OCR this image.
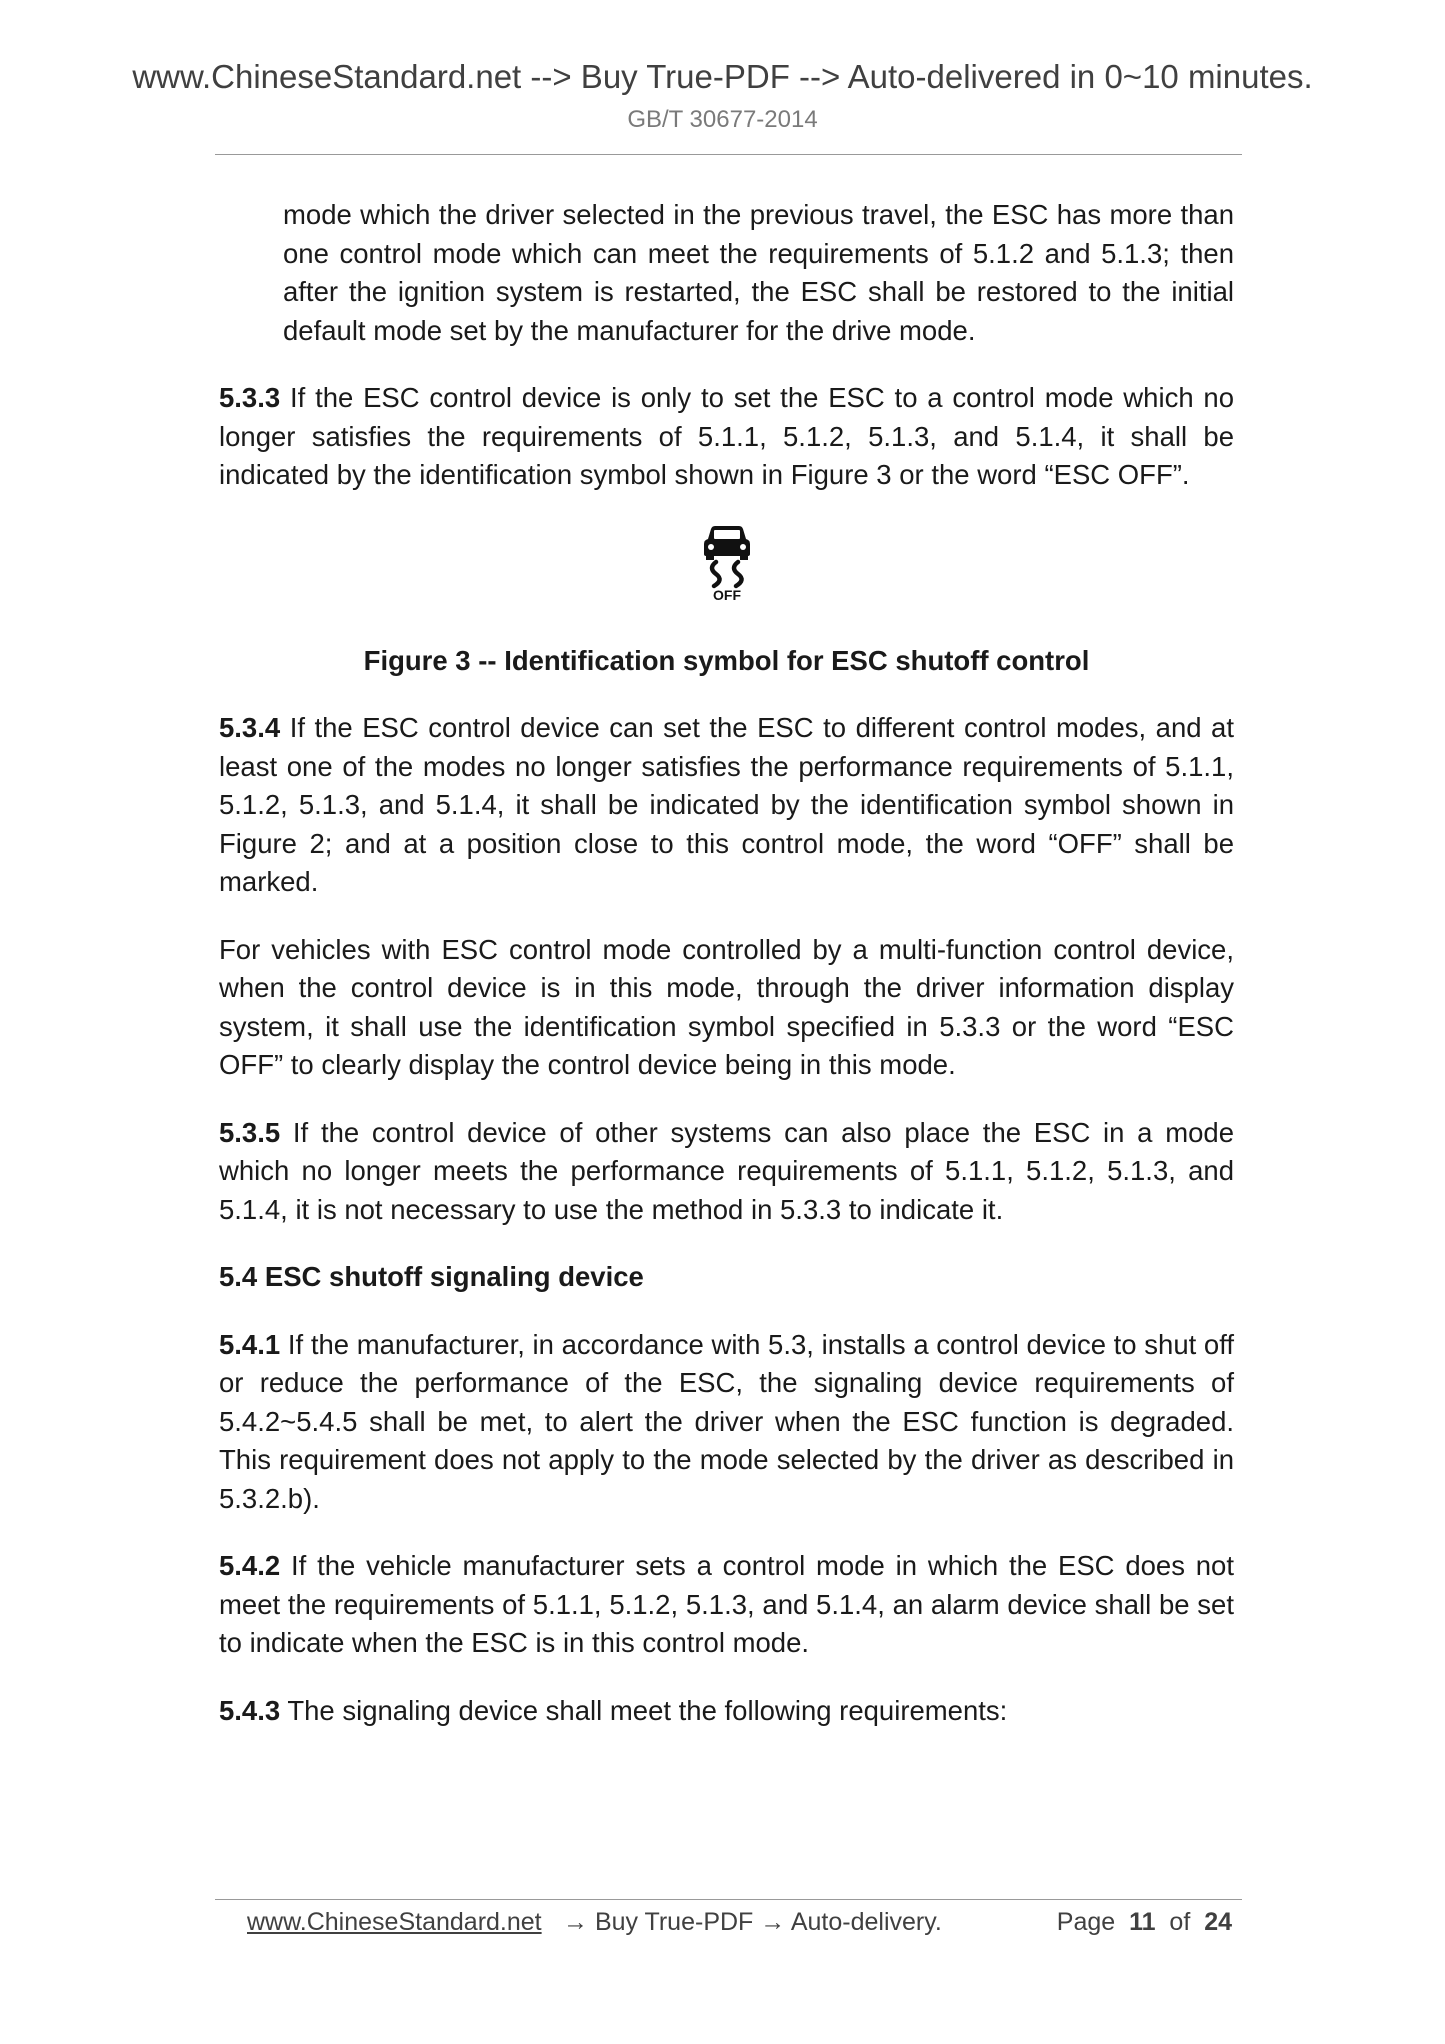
www.ChineseStandard.net --> Buy True-PDF --> Auto-delivered in 0~10 minutes.
GB/T 30677-2014

mode which the driver selected in the previous travel, the ESC has more than one control mode which can meet the requirements of 5.1.2 and 5.1.3; then after the ignition system is restarted, the ESC shall be restored to the initial default mode set by the manufacturer for the drive mode.

5.3.3 If the ESC control device is only to set the ESC to a control mode which no longer satisfies the requirements of 5.1.1, 5.1.2, 5.1.3, and 5.1.4, it shall be indicated by the identification symbol shown in Figure 3 or the word “ESC OFF”.

OFF
Figure 3 -- Identification symbol for ESC shutoff control

5.3.4 If the ESC control device can set the ESC to different control modes, and at least one of the modes no longer satisfies the performance requirements of 5.1.1, 5.1.2, 5.1.3, and 5.1.4, it shall be indicated by the identification symbol shown in Figure 2; and at a position close to this control mode, the word “OFF” shall be marked.

For vehicles with ESC control mode controlled by a multi-function control device, when the control device is in this mode, through the driver information display system, it shall use the identification symbol specified in 5.3.3 or the word “ESC OFF” to clearly display the control device being in this mode.

5.3.5 If the control device of other systems can also place the ESC in a mode which no longer meets the performance requirements of 5.1.1, 5.1.2, 5.1.3, and 5.1.4, it is not necessary to use the method in 5.3.3 to indicate it.

5.4 ESC shutoff signaling device

5.4.1 If the manufacturer, in accordance with 5.3, installs a control device to shut off or reduce the performance of the ESC, the signaling device requirements of 5.4.2~5.4.5 shall be met, to alert the driver when the ESC function is degraded. This requirement does not apply to the mode selected by the driver as described in 5.3.2.b).

5.4.2 If the vehicle manufacturer sets a control mode in which the ESC does not meet the requirements of 5.1.1, 5.1.2, 5.1.3, and 5.1.4, an alarm device shall be set to indicate when the ESC is in this control mode.

5.4.3 The signaling device shall meet the following requirements:

www.ChineseStandard.net → Buy True-PDF → Auto-delivery.	Page 11 of 24
